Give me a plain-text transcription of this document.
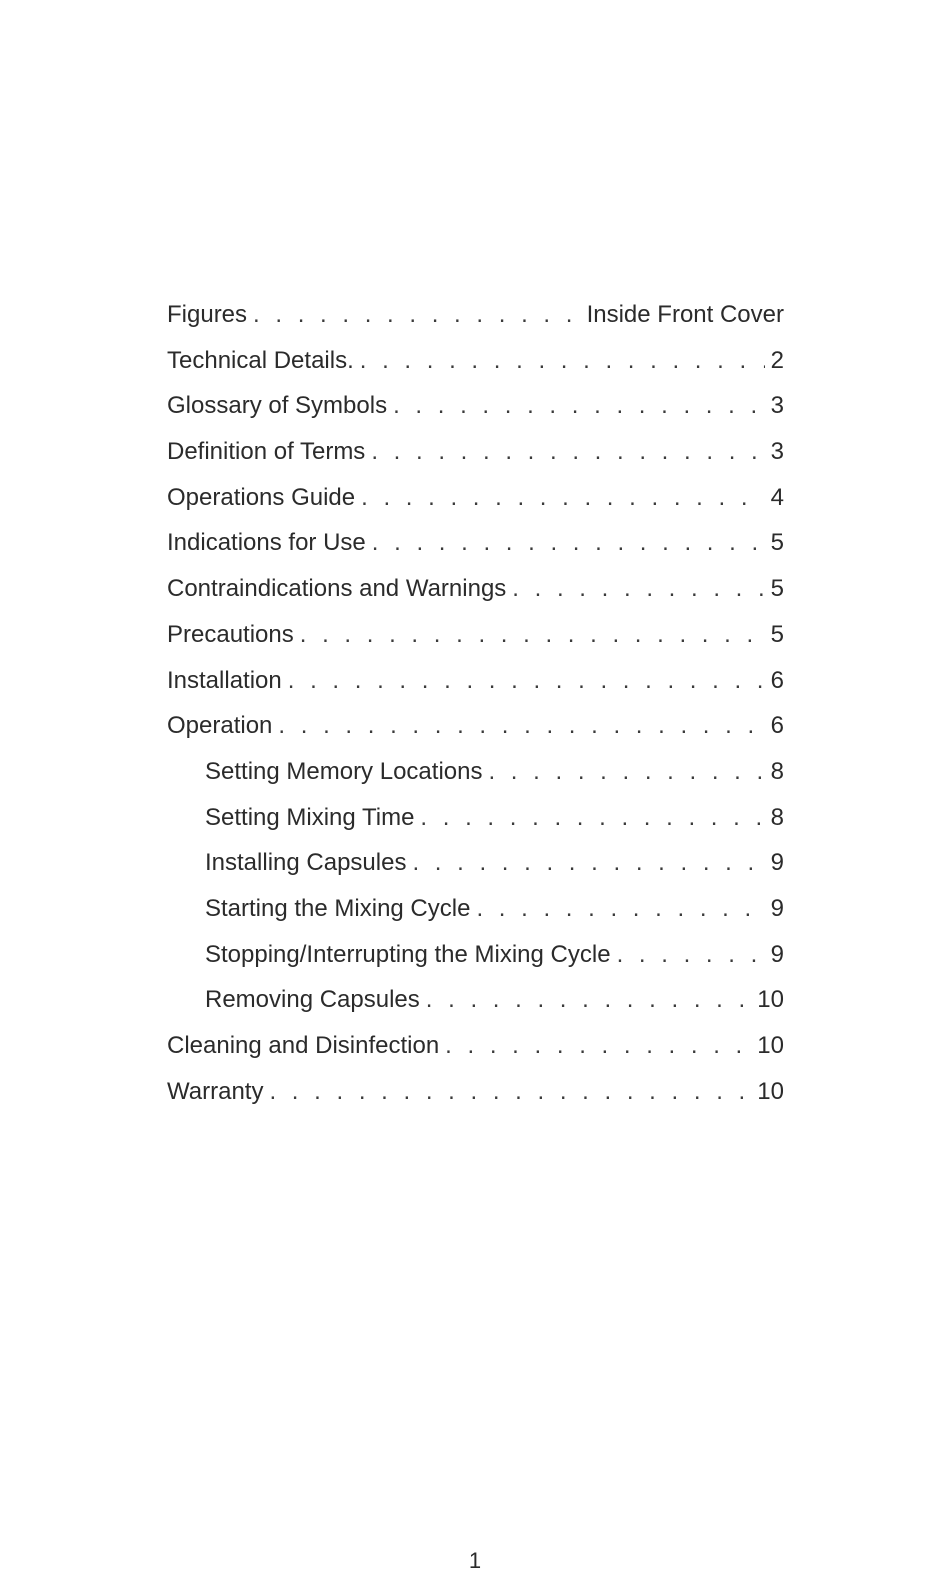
Figures . . .	Inside Front Cover
Technical Details. . . .	2
Glossary of Symbols . . .	3
Definition of Terms . . .	3
Operations Guide . . .	4
Indications for Use . . .	5
Contraindications and Warnings . . .	5
Precautions . . .	5
Installation . . .	6
Operation . . .	6
Setting Memory Locations . . .	8
Setting Mixing Time . . .	8
Installing Capsules . . .	9
Starting the Mixing Cycle . . .	9
Stopping/Interrupting the Mixing Cycle . . .	9
Removing Capsules . . .	10
Cleaning and Disinfection . . .	10
Warranty . . .	10
1
